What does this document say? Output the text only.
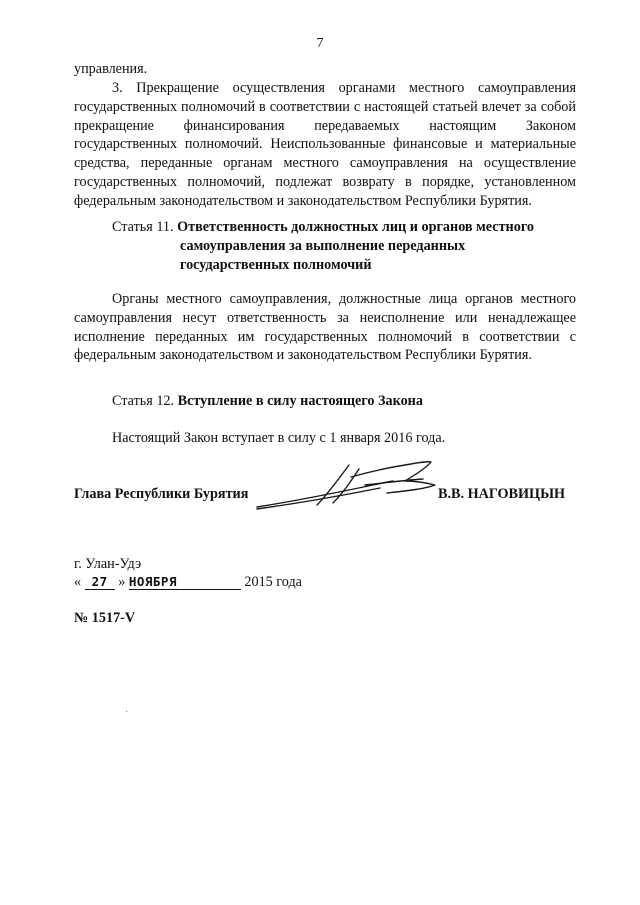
7

управления.

3. Прекращение осуществления органами местного самоуправления государственных полномочий в соответствии с настоящей статьей влечет за собой прекращение финансирования передаваемых настоящим Законом государственных полномочий. Неиспользованные финансовые и материальные средства, переданные органам местного самоуправления на осуществление государственных полномочий, подлежат возврату в порядке, установленном федеральным законодательством и законодательством Республики Бурятия.

Статья 11. Ответственность должностных лиц и органов местного
самоуправления за выполнение переданных
государственных полномочий

Органы местного самоуправления, должностные лица органов местного самоуправления несут ответственность за неисполнение или ненадлежащее исполнение переданных им государственных полномочий в соответствии с федеральным законодательством и законодательством Республики Бурятия.

Статья 12. Вступление в силу настоящего Закона

Настоящий Закон вступает в силу с 1 января 2016 года.

Глава Республики Бурятия	В.В. НАГОВИЦЫН
г. Улан-Удэ
« 27 » НОЯБРЯ	2015 года
№ 1517-V
